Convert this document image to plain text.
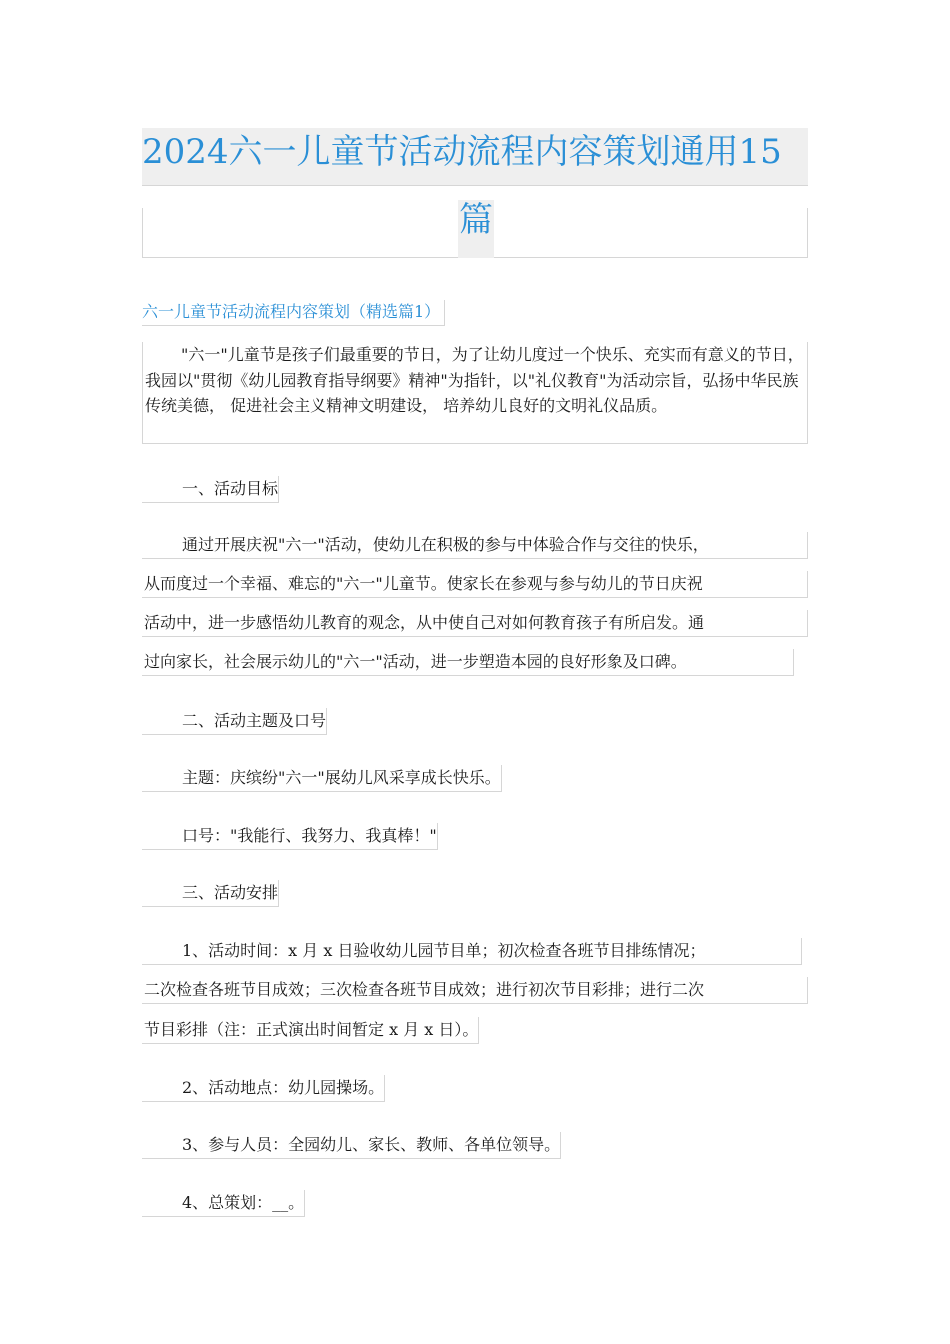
2024六一儿童节活动流程内容策划通用15
篇
六一儿童节活动流程内容策划（精选篇1）
"六一"儿童节是孩子们最重要的节日，为了让幼儿度过一个快乐、充实而有意义的节日，我园以"贯彻《幼儿园教育指导纲要》精神"为指针，以"礼仪教育"为活动宗旨，弘扬中华民族传统美德， 促进社会主义精神文明建设， 培养幼儿良好的文明礼仪品质。
一、活动目标
通过开展庆祝"六一"活动，使幼儿在积极的参与中体验合作与交往的快乐，
从而度过一个幸福、难忘的"六一"儿童节。使家长在参观与参与幼儿的节日庆祝
活动中，进一步感悟幼儿教育的观念，从中使自己对如何教育孩子有所启发。通
过向家长，社会展示幼儿的"六一"活动，进一步塑造本园的良好形象及口碑。
二、活动主题及口号
主题：庆缤纷"六一"展幼儿风采享成长快乐。
口号："我能行、我努力、我真棒！"
三、活动安排
1、活动时间：x 月 x 日验收幼儿园节目单；初次检查各班节目排练情况；
二次检查各班节目成效；三次检查各班节目成效；进行初次节目彩排；进行二次
节目彩排（注：正式演出时间暂定 x 月 x 日）。
2、活动地点：幼儿园操场。
3、参与人员：全园幼儿、家长、教师、各单位领导。
4、总策划：__。
